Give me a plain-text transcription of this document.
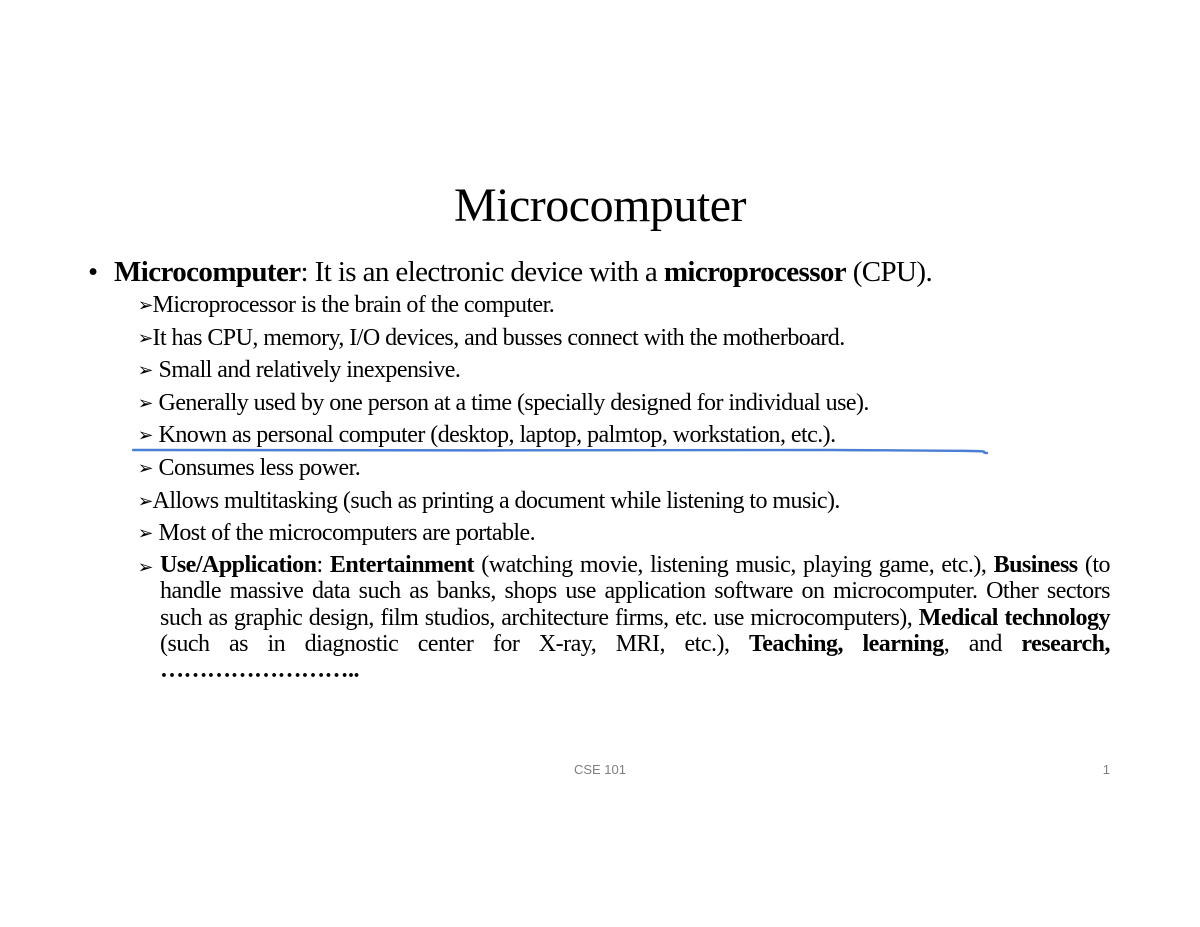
Microcomputer
• Microcomputer: It is an electronic device with a microprocessor (CPU).
➢Microprocessor is the brain of the computer.
➢It has CPU, memory, I/O devices, and busses connect with the motherboard.
➢ Small and relatively inexpensive.
➢ Generally used by one person at a time (specially designed for individual use).
➢ Known as personal computer (desktop, laptop, palmtop, workstation, etc.).
➢ Consumes less power.
➢Allows multitasking (such as printing a document while listening to music).
➢ Most of the microcomputers are portable.
➢ Use/Application: Entertainment (watching movie, listening music, playing game, etc.), Business (to handle massive data such as banks, shops use application software on microcomputer. Other sectors such as graphic design, film studios, architecture firms, etc. use microcomputers), Medical technology (such as in diagnostic center for X-ray, MRI, etc.), Teaching, learning, and research, ……………………..
CSE 101	1
